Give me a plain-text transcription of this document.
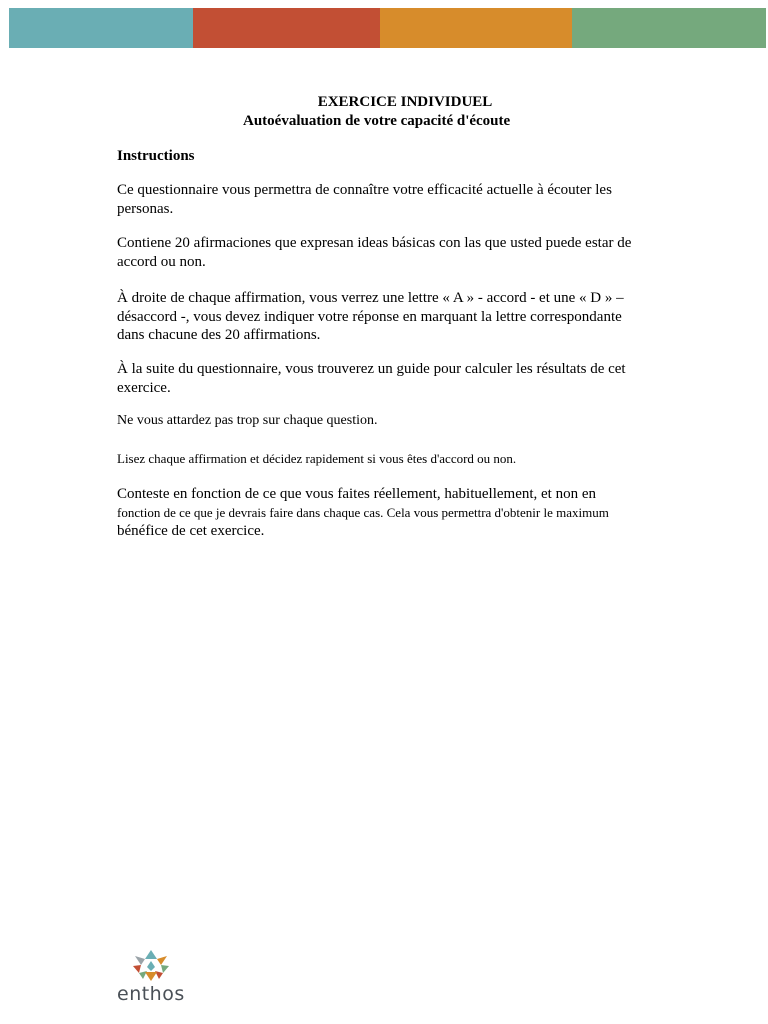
EXERCICE INDIVIDUEL
Autoévaluation de votre capacité d'écoute

Instructions

Ce questionnaire vous permettra de connaître votre efficacité actuelle à écouter les personas.

Contiene 20 afirmaciones que expresan ideas básicas con las que usted puede estar de accord ou non.

À droite de chaque affirmation, vous verrez une lettre « A » - accord - et une « D » –désaccord -, vous devez indiquer votre réponse en marquant la lettre correspondante dans chacune des 20 affirmations.

À la suite du questionnaire, vous trouverez un guide pour calculer les résultats de cet exercice.

Ne vous attardez pas trop sur chaque question.

Lisez chaque affirmation et décidez rapidement si vous êtes d'accord ou non.

Conteste en fonction de ce que vous faites réellement, habituellement, et non en
fonction de ce que je devrais faire dans chaque cas. Cela vous permettra d'obtenir le maximum
bénéfice de cet exercice.
enthos
